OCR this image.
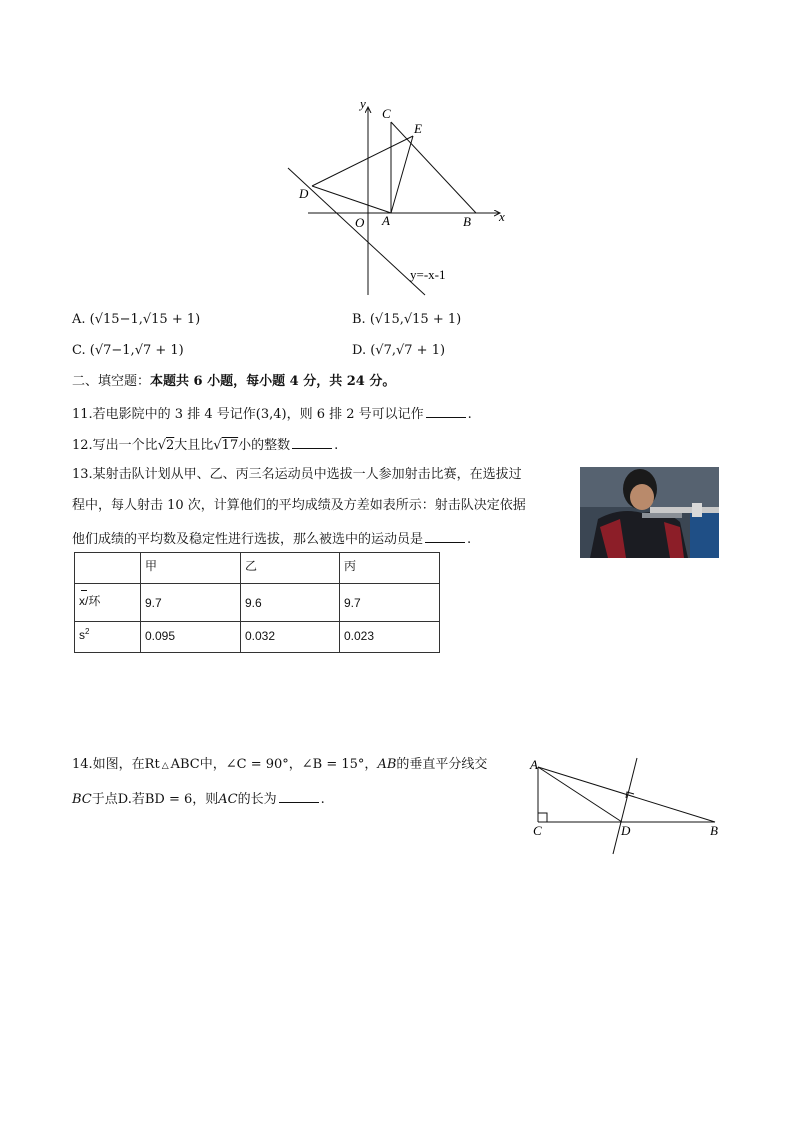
y
x
C
E
D
O A	B
y=-x-1
A. (√15−1,√15 + 1)	B. (√15,√15 + 1)
C. (√7−1,√7 + 1)	D. (√7,√7 + 1)
二、填空题：本题共 6 小题，每小题 4 分，共 24 分。
11.若电影院中的 3 排 4 号记作(3,4)，则 6 排 2 号可以记作	.
12.写出一个比√2大且比√17小的整数	.
13.某射击队计划从甲、乙、丙三名运动员中选拔一人参加射击比赛，在选拔过
程中，每人射击 10 次，计算他们的平均成绩及方差如表所示：射击队决定依据
他们成绩的平均数及稳定性进行选拔，那么被选中的运动员是	.
	甲	乙	丙

x/环	9.7	9.6	9.7
$s^2$	0.095	0.032	0.023
14.如图，在Rt △ ABC中，∠C = 90°，∠B = 15°，AB的垂直平分线交
BC于点D.若BD = 6，则AC的长为	.
A
C	D	B
